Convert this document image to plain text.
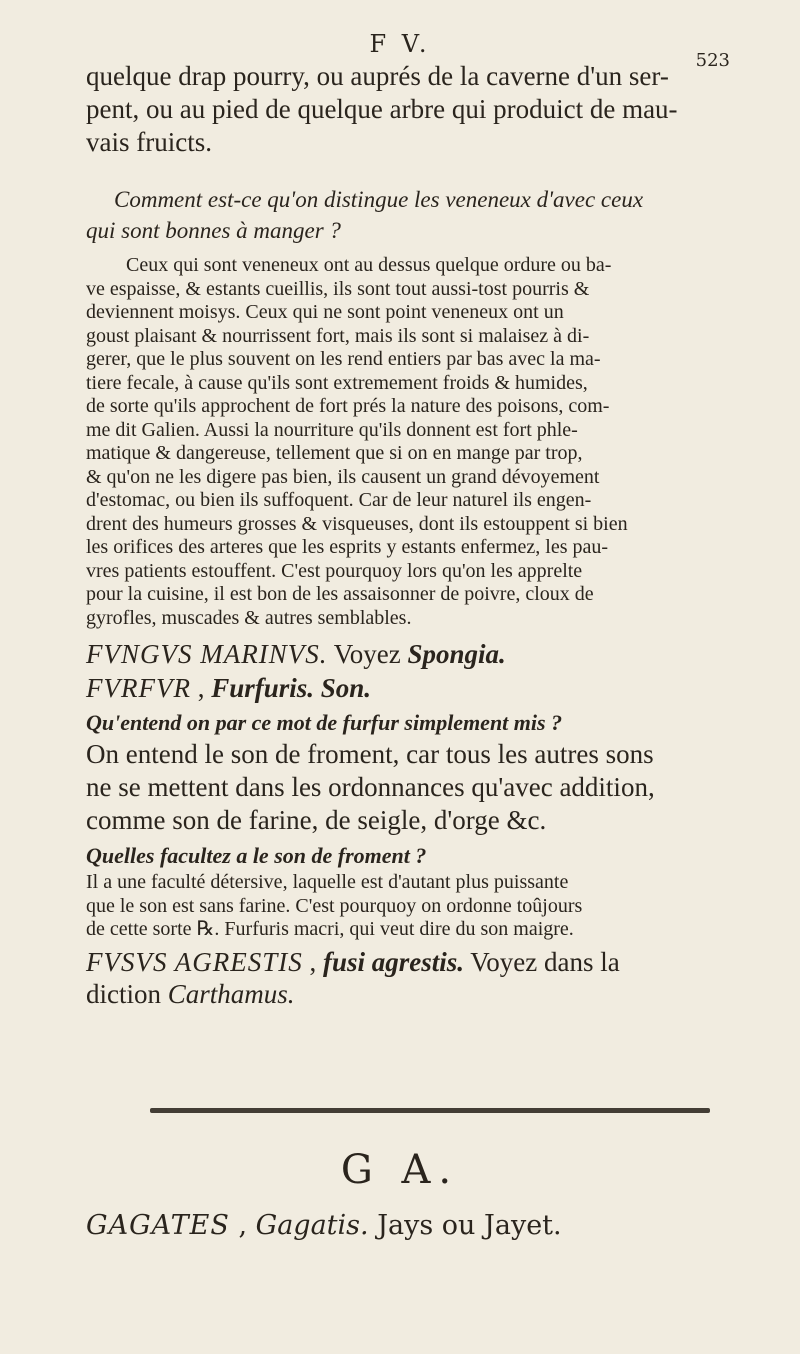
F V.
523

quelque drap pourry, ou auprés de la caverne d'un ser-

pent, ou au pied de quelque arbre qui produict de mau-

vais fruicts.

Comment est-ce qu'on distingue les veneneux d'avec ceux
qui sont bonnes à manger ?

Ceux qui sont veneneux ont au dessus quelque ordure ou ba-

ve espaisse, & estants cueillis, ils sont tout aussi-tost pourris &

deviennent moisys. Ceux qui ne sont point veneneux ont un

goust plaisant & nourrissent fort, mais ils sont si malaisez à di-

gerer, que le plus souvent on les rend entiers par bas avec la ma-

tiere fecale, à cause qu'ils sont extremement froids & humides,

de sorte qu'ils approchent de fort prés la nature des poisons, com-

me dit Galien. Aussi la nourriture qu'ils donnent est fort phle-

matique & dangereuse, tellement que si on en mange par trop,

& qu'on ne les digere pas bien, ils causent un grand dévoyement

d'estomac, ou bien ils suffoquent. Car de leur naturel ils engen-

drent des humeurs grosses & visqueuses, dont ils estouppent si bien

les orifices des arteres que les esprits y estants enfermez, les pau-

vres patients estouffent. C'est pourquoy lors qu'on les apprelte

pour la cuisine, il est bon de les assaisonner de poivre, cloux de

gyrofles, muscades & autres semblables.

FVNGVS MARINVS. Voyez Spongia.

FVRFVR , Furfuris. Son.

Qu'entend on par ce mot de furfur simplement mis ?

On entend le son de froment, car tous les autres sons

ne se mettent dans les ordonnances qu'avec addition,

comme son de farine, de seigle, d'orge &c.

Quelles facultez a le son de froment ?

Il a une faculté détersive, laquelle est d'autant plus puissante

que le son est sans farine. C'est pourquoy on ordonne toûjours

de cette sorte ℞. Furfuris macri, qui veut dire du son maigre.

FVSVS AGRESTIS , fusi agrestis. Voyez dans la
diction Carthamus.

G A.
GAGATES , Gagatis. Jays ou Jayet.
